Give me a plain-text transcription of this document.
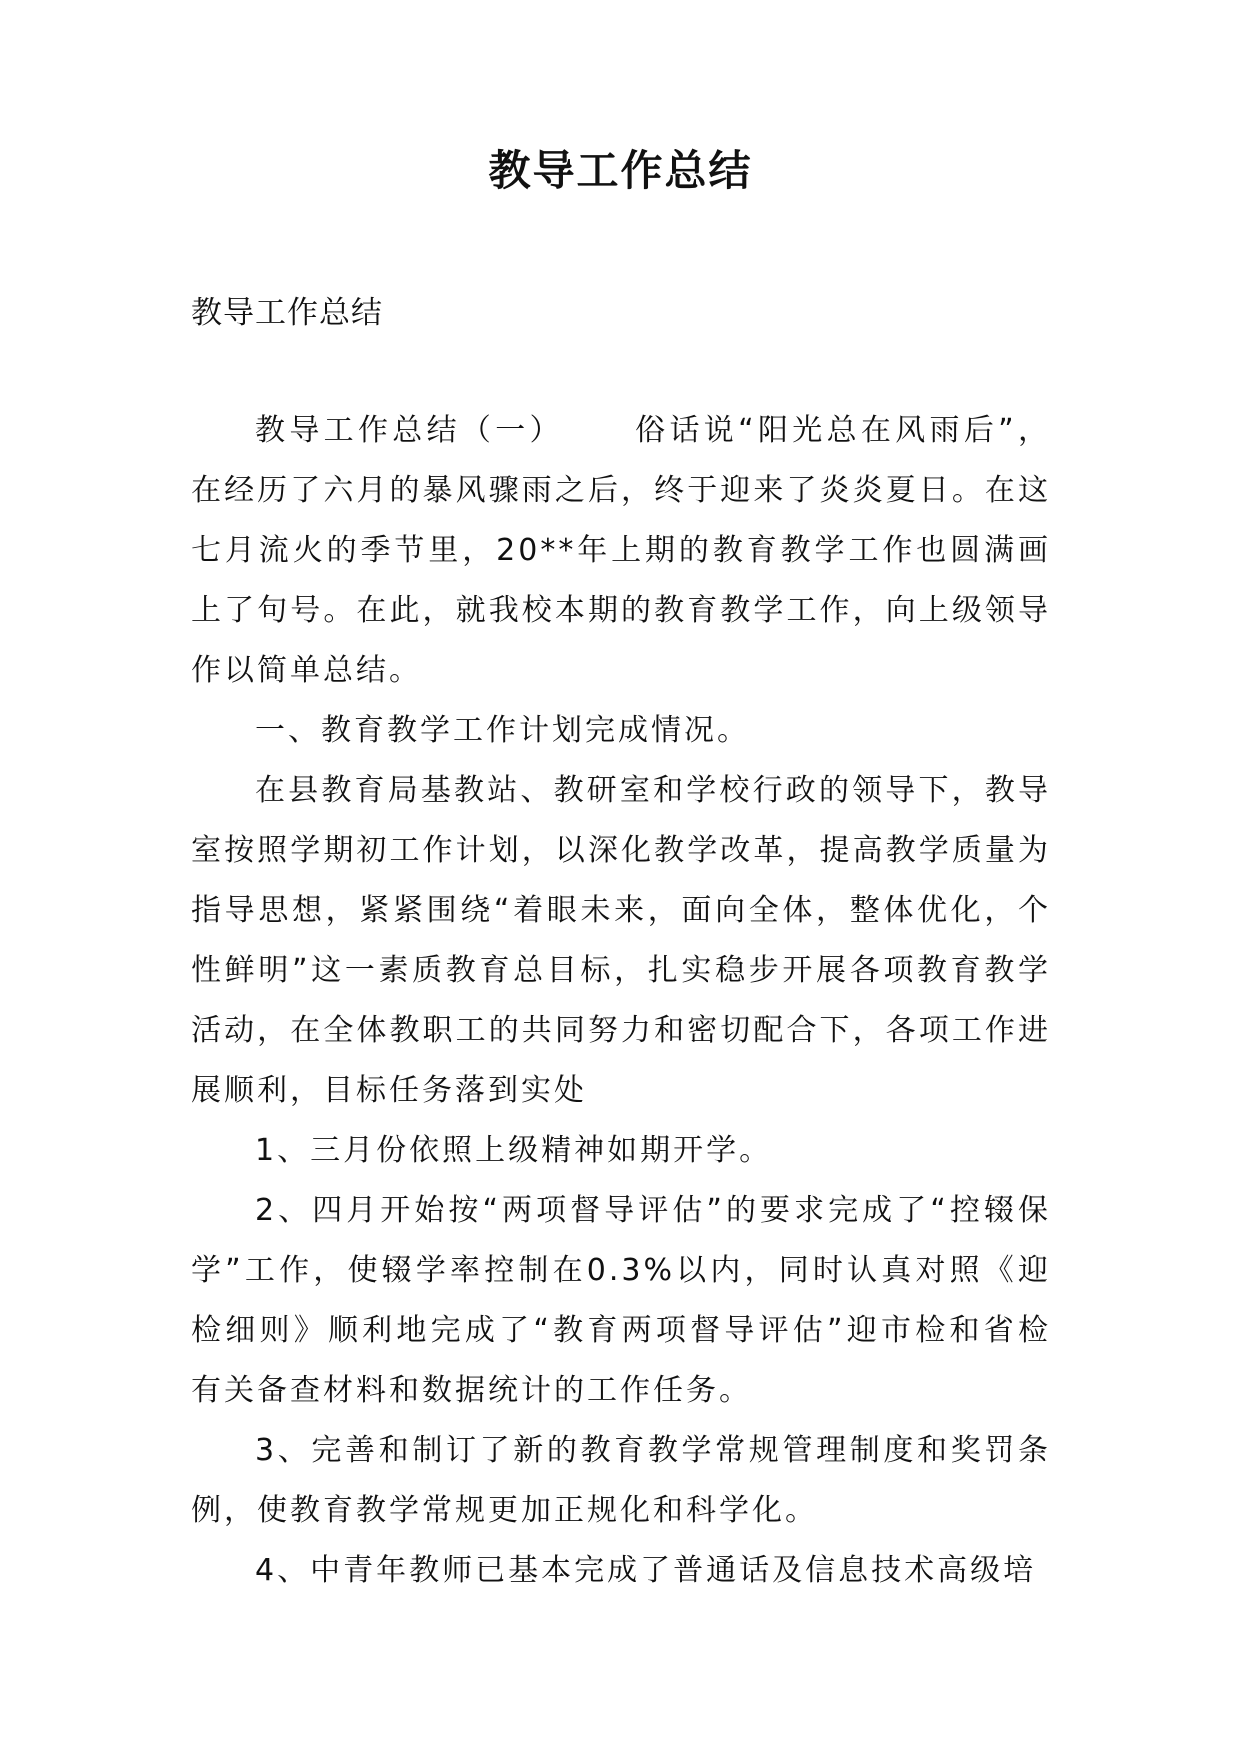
教导工作总结
教导工作总结

教导工作总结（一） 俗话说“阳光总在风雨后”，在经历了六月的暴风骤雨之后，终于迎来了炎炎夏日。在这七月流火的季节里，20**年上期的教育教学工作也圆满画上了句号。在此，就我校本期的教育教学工作，向上级领导作以简单总结。

一、教育教学工作计划完成情况。

在县教育局基教站、教研室和学校行政的领导下，教导室按照学期初工作计划，以深化教学改革，提高教学质量为指导思想，紧紧围绕“着眼未来，面向全体，整体优化，个性鲜明”这一素质教育总目标，扎实稳步开展各项教育教学活动，在全体教职工的共同努力和密切配合下，各项工作进展顺利，目标任务落到实处

1、三月份依照上级精神如期开学。

2、四月开始按“两项督导评估”的要求完成了“控辍保学”工作，使辍学率控制在0.3%以内，同时认真对照《迎检细则》顺利地完成了“教育两项督导评估”迎市检和省检有关备查材料和数据统计的工作任务。

3、完善和制订了新的教育教学常规管理制度和奖罚条例，使教育教学常规更加正规化和科学化。

4、中青年教师已基本完成了普通话及信息技术高级培
